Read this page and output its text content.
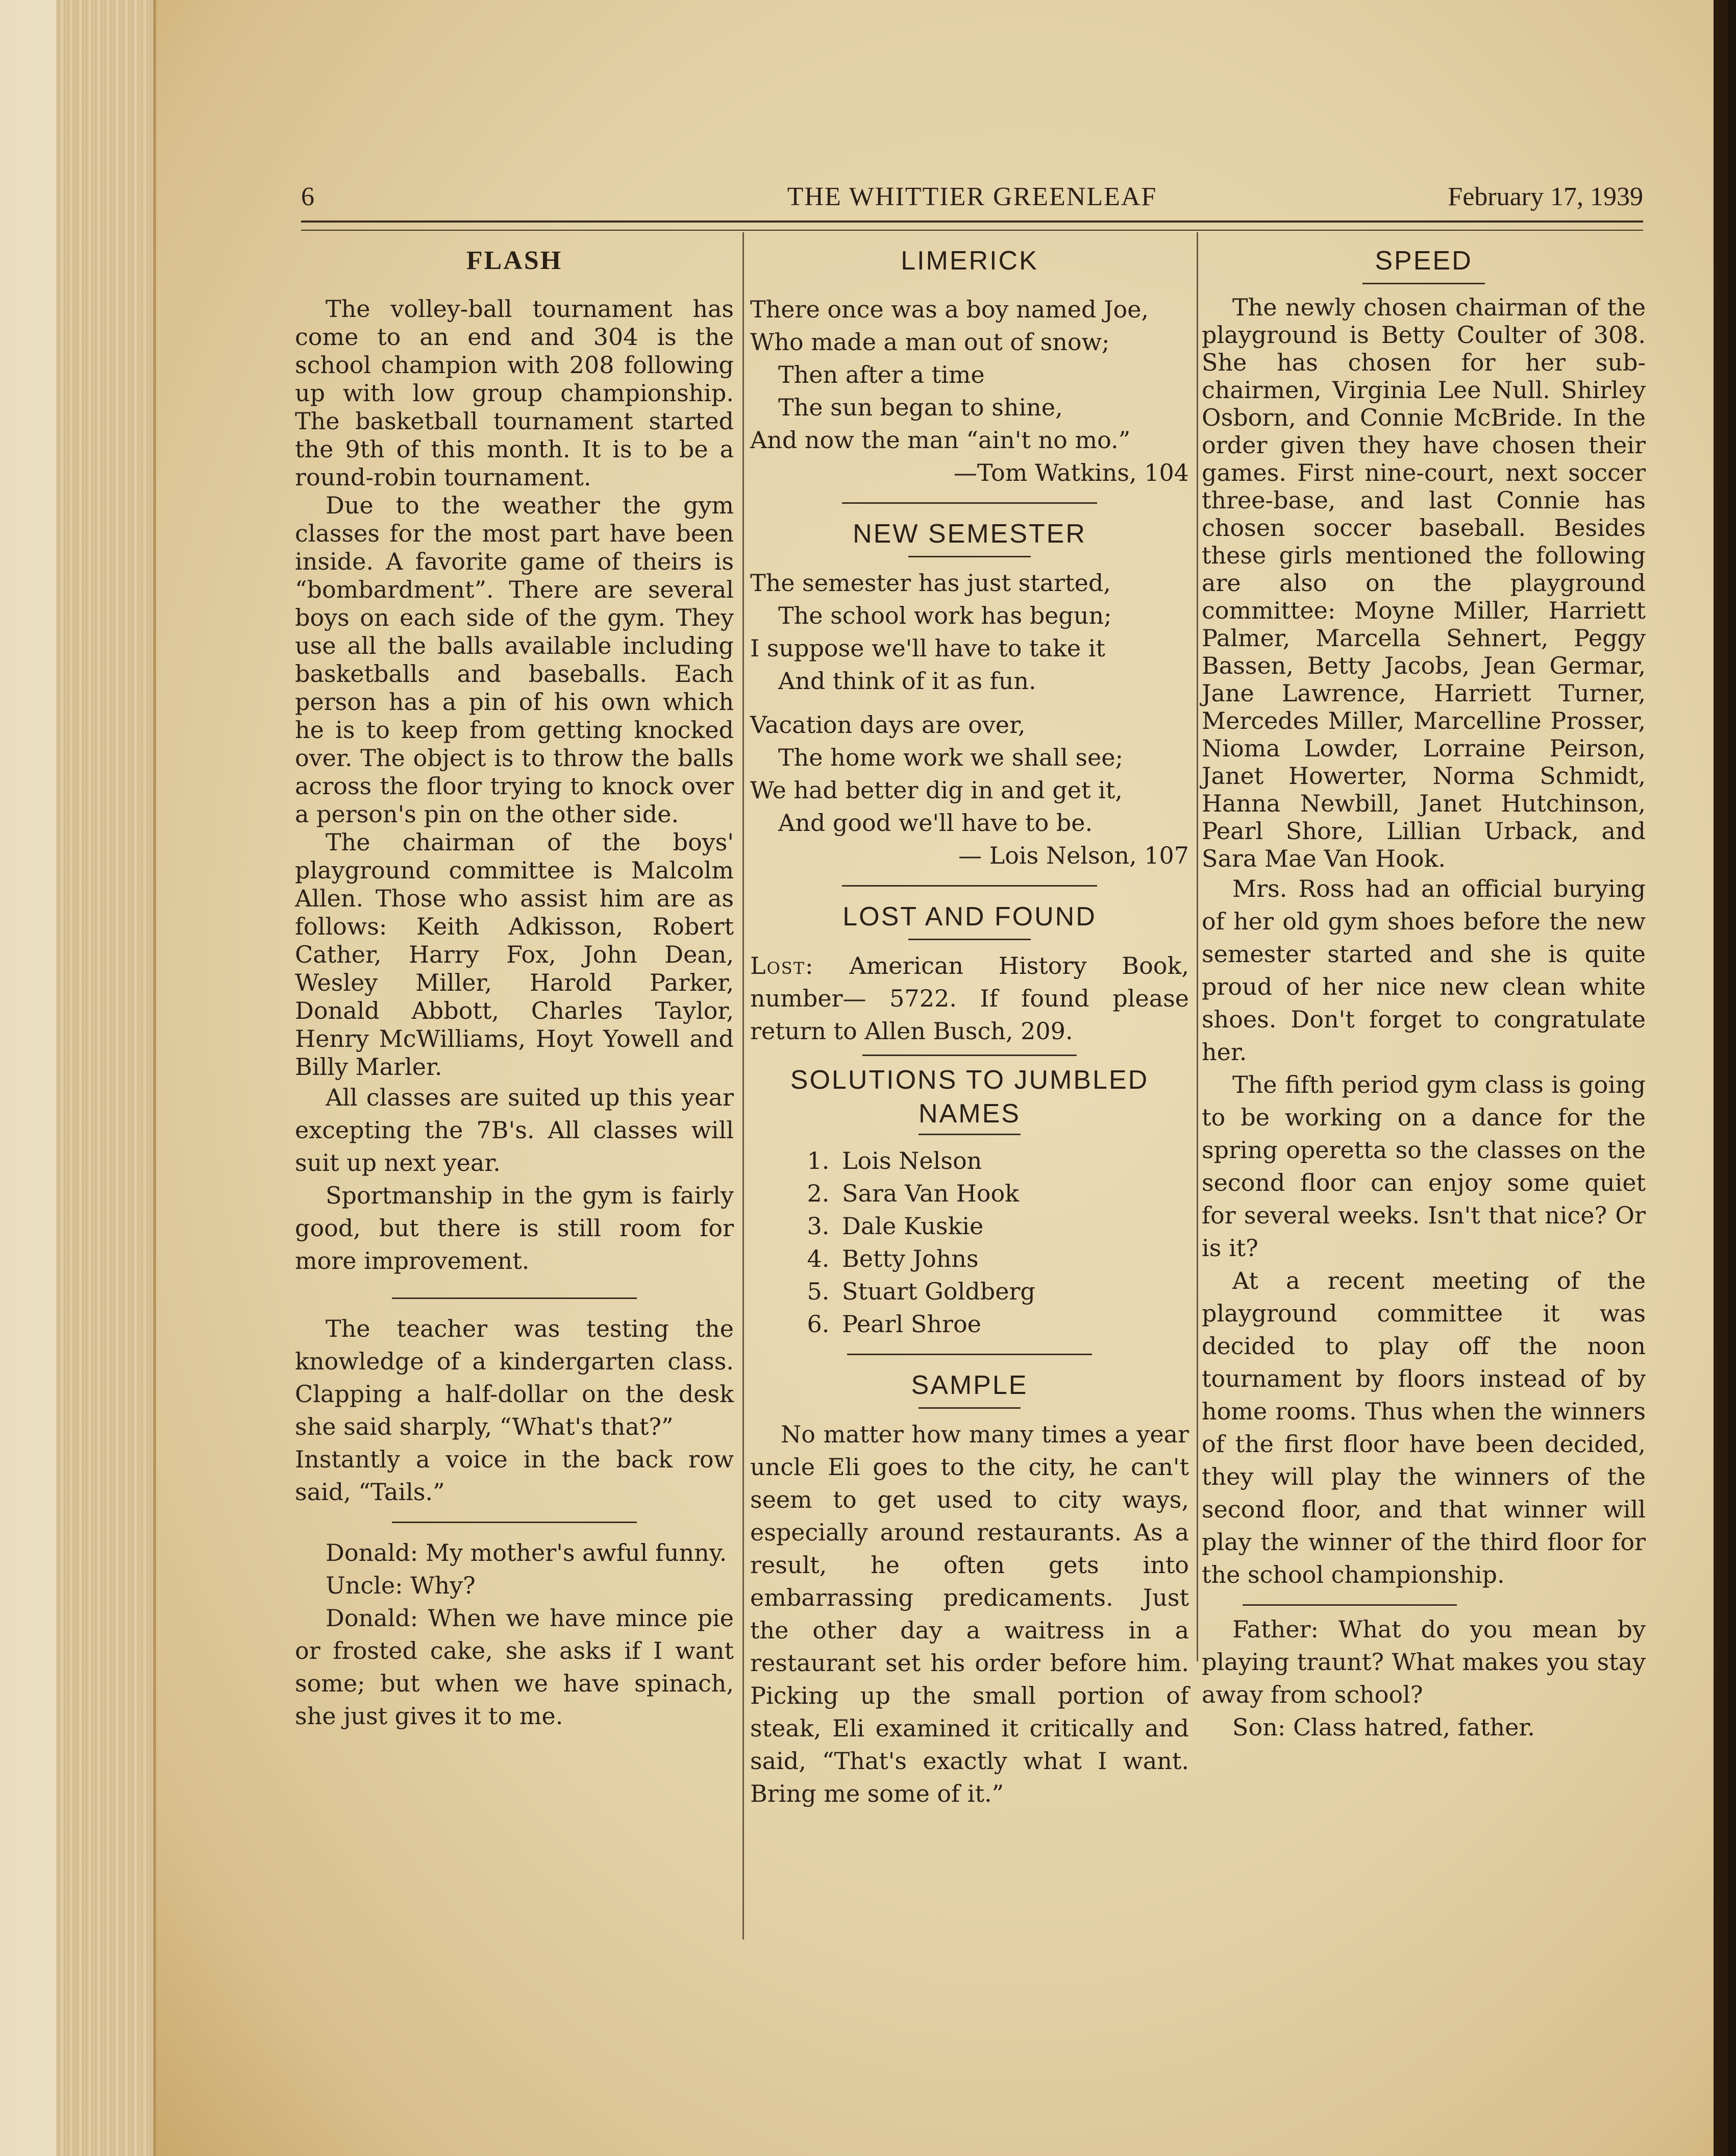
6	THE WHITTIER GREENLEAF	February 17, 1939
FLASH

The volley-ball tournament has come to an end and 304 is the school champion with 208 following up with low group championship. The basketball tournament started the 9th of this month. It is to be a round-robin tournament.

Due to the weather the gym classes for the most part have been inside. A favorite game of theirs is “bombardment”. There are several boys on each side of the gym. They use all the balls available including basketballs and baseballs. Each person has a pin of his own which he is to keep from getting knocked over. The object is to throw the balls across the floor trying to knock over a person's pin on the other side.

The chairman of the boys' playground committee is Malcolm Allen. Those who assist him are as follows: Keith Adkisson, Robert Cather, Harry Fox, John Dean, Wesley Miller, Harold Parker, Donald Abbott, Charles Taylor, Henry McWilliams, Hoyt Yowell and Billy Marler.

All classes are suited up this year excepting the 7B's. All classes will suit up next year.

Sportmanship in the gym is fairly good, but there is still room for more improvement.

The teacher was testing the knowledge of a kindergarten class. Clapping a half-dollar on the desk she said sharply, “What's that?”

Instantly a voice in the back row said, “Tails.”

Donald: My mother's awful funny.

Uncle: Why?

Donald: When we have mince pie or frosted cake, she asks if I want some; but when we have spinach, she just gives it to me.

LIMERICK
There once was a boy named Joe,
Who made a man out of snow;
Then after a time
The sun began to shine,
And now the man “ain't no mo.”
—Tom Watkins, 104
NEW SEMESTER
The semester has just started,
The school work has begun;
I suppose we'll have to take it
And think of it as fun.
Vacation days are over,
The home work we shall see;
We had better dig in and get it,
And good we'll have to be.
— Lois Nelson, 107
LOST AND FOUND

Lost: American History Book, number— 5722. If found please return to Allen Busch, 209.

SOLUTIONS TO JUMBLED
NAMES
1. Lois Nelson
2. Sara Van Hook
3. Dale Kuskie
4. Betty Johns
5. Stuart Goldberg
6. Pearl Shroe
SAMPLE

No matter how many times a year uncle Eli goes to the city, he can't seem to get used to city ways, especially around restaurants. As a result, he often gets into embarrassing predicaments. Just the other day a waitress in a restaurant set his order before him. Picking up the small portion of steak, Eli examined it critically and said, “That's exactly what I want. Bring me some of it.”

SPEED

The newly chosen chairman of the playground is Betty Coulter of 308. She has chosen for her sub-chairmen, Virginia Lee Null. Shirley Osborn, and Connie McBride. In the order given they have chosen their games. First nine-court, next soccer three-base, and last Connie has chosen soccer baseball. Besides these girls mentioned the following are also on the playground committee: Moyne Miller, Harriett Palmer, Marcella Sehnert, Peggy Bassen, Betty Jacobs, Jean Germar, Jane Lawrence, Harriett Turner, Mercedes Miller, Marcelline Prosser, Nioma Lowder, Lorraine Peirson, Janet Howerter, Norma Schmidt, Hanna Newbill, Janet Hutchinson, Pearl Shore, Lillian Urback, and Sara Mae Van Hook.

Mrs. Ross had an official burying of her old gym shoes before the new semester started and she is quite proud of her nice new clean white shoes. Don't forget to congratulate her.

The fifth period gym class is going to be working on a dance for the spring operetta so the classes on the second floor can enjoy some quiet for several weeks. Isn't that nice? Or is it?

At a recent meeting of the playground committee it was decided to play off the noon tournament by floors instead of by home rooms. Thus when the winners of the first floor have been decided, they will play the winners of the second floor, and that winner will play the winner of the third floor for the school championship.

Father: What do you mean by playing traunt? What makes you stay away from school?

Son: Class hatred, father.
